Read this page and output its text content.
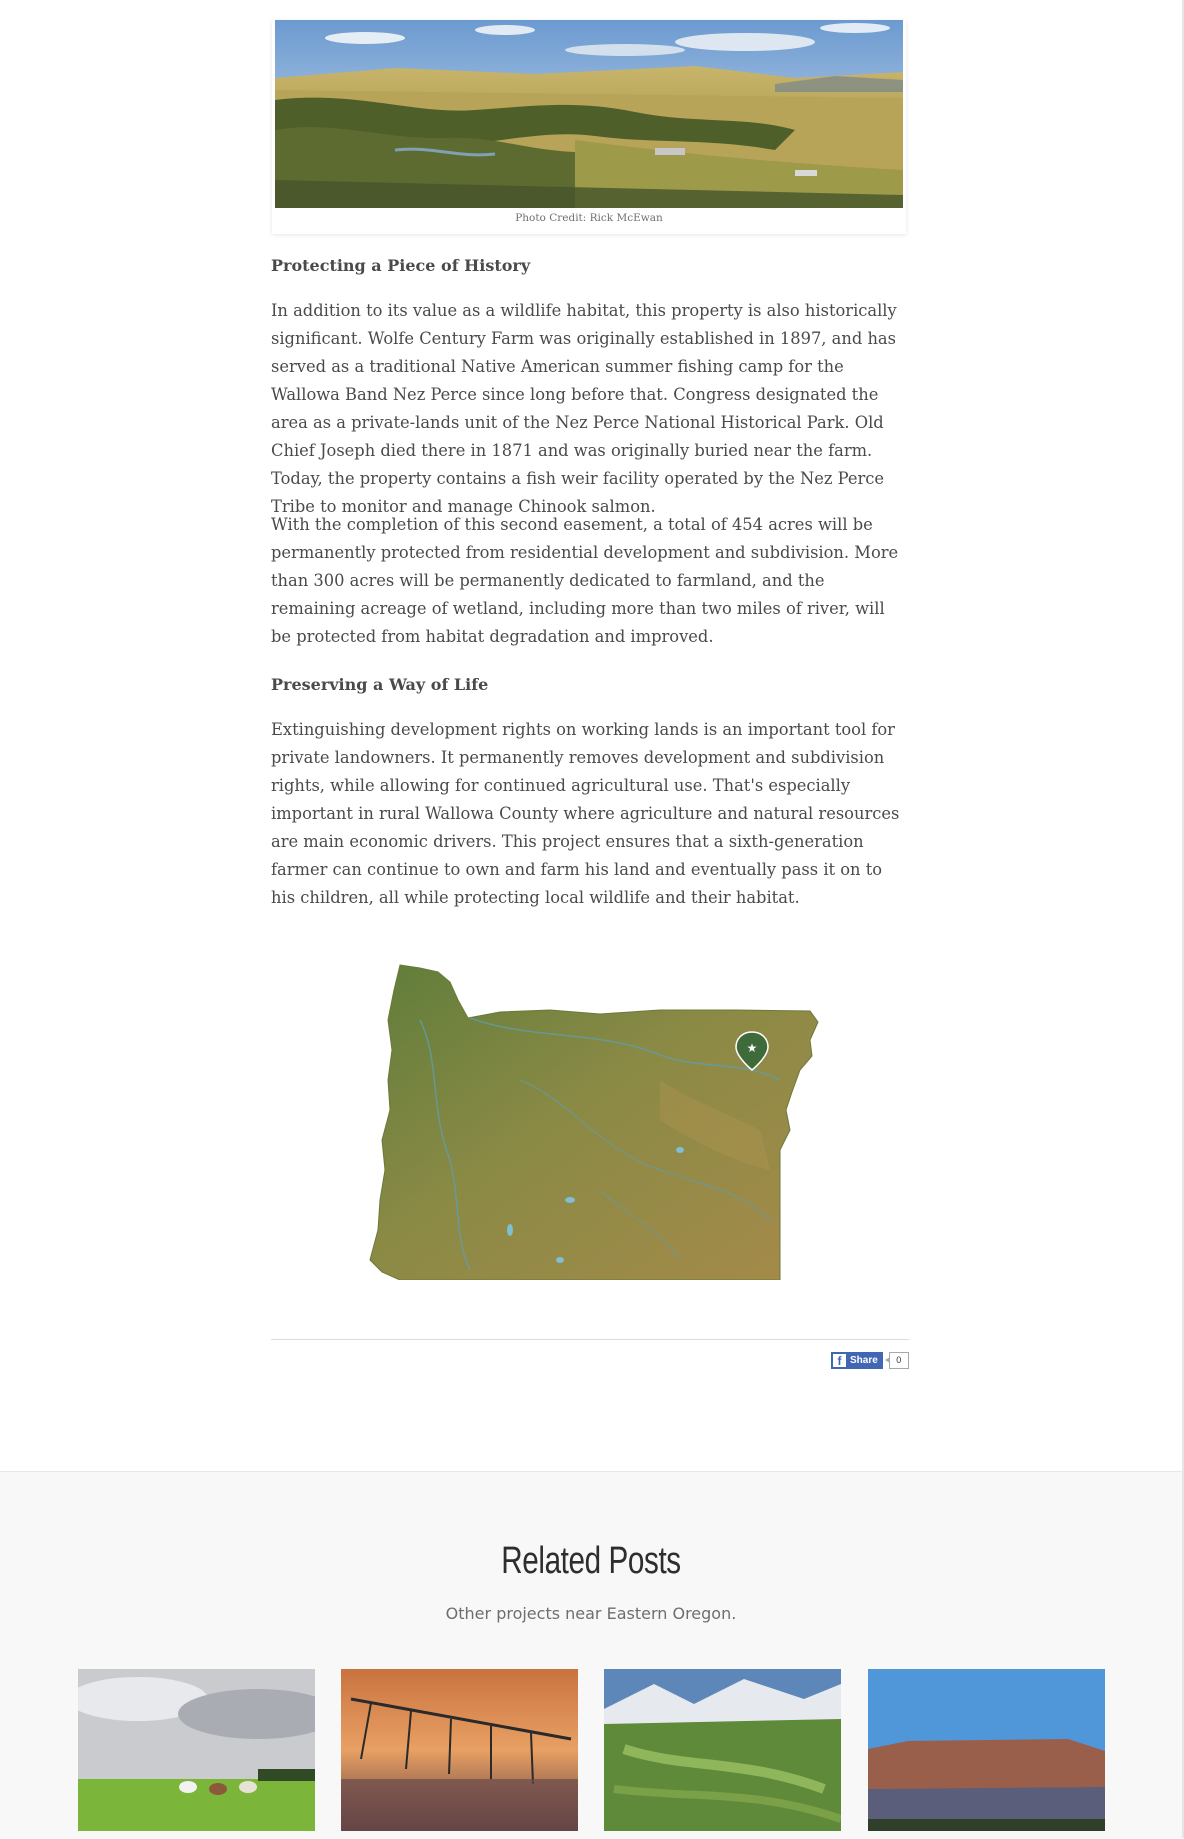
Photo Credit: Rick McEwan
Protecting a Piece of History

In addition to its value as a wildlife habitat, this property is also historically significant. Wolfe Century Farm was originally established in 1897, and has served as a traditional Native American summer fishing camp for the Wallowa Band Nez Perce since long before that. Congress designated the area as a private-lands unit of the Nez Perce National Historical Park. Old Chief Joseph died there in 1871 and was originally buried near the farm. Today, the property contains a fish weir facility operated by the Nez Perce Tribe to monitor and manage Chinook salmon.

With the completion of this second easement, a total of 454 acres will be permanently protected from residential development and subdivision. More than 300 acres will be permanently dedicated to farmland, and the remaining acreage of wetland, including more than two miles of river, will be protected from habitat degradation and improved.

Preserving a Way of Life

Extinguishing development rights on working lands is an important tool for private landowners. It permanently removes development and subdivision rights, while allowing for continued agricultural use. That's especially important in rural Wallowa County where agriculture and natural resources are main economic drivers. This project ensures that a sixth-generation farmer can continue to own and farm his land and eventually pass it on to his children, all while protecting local wildlife and their habitat.

★
f Share	0
Related Posts
Other projects near Eastern Oregon.
